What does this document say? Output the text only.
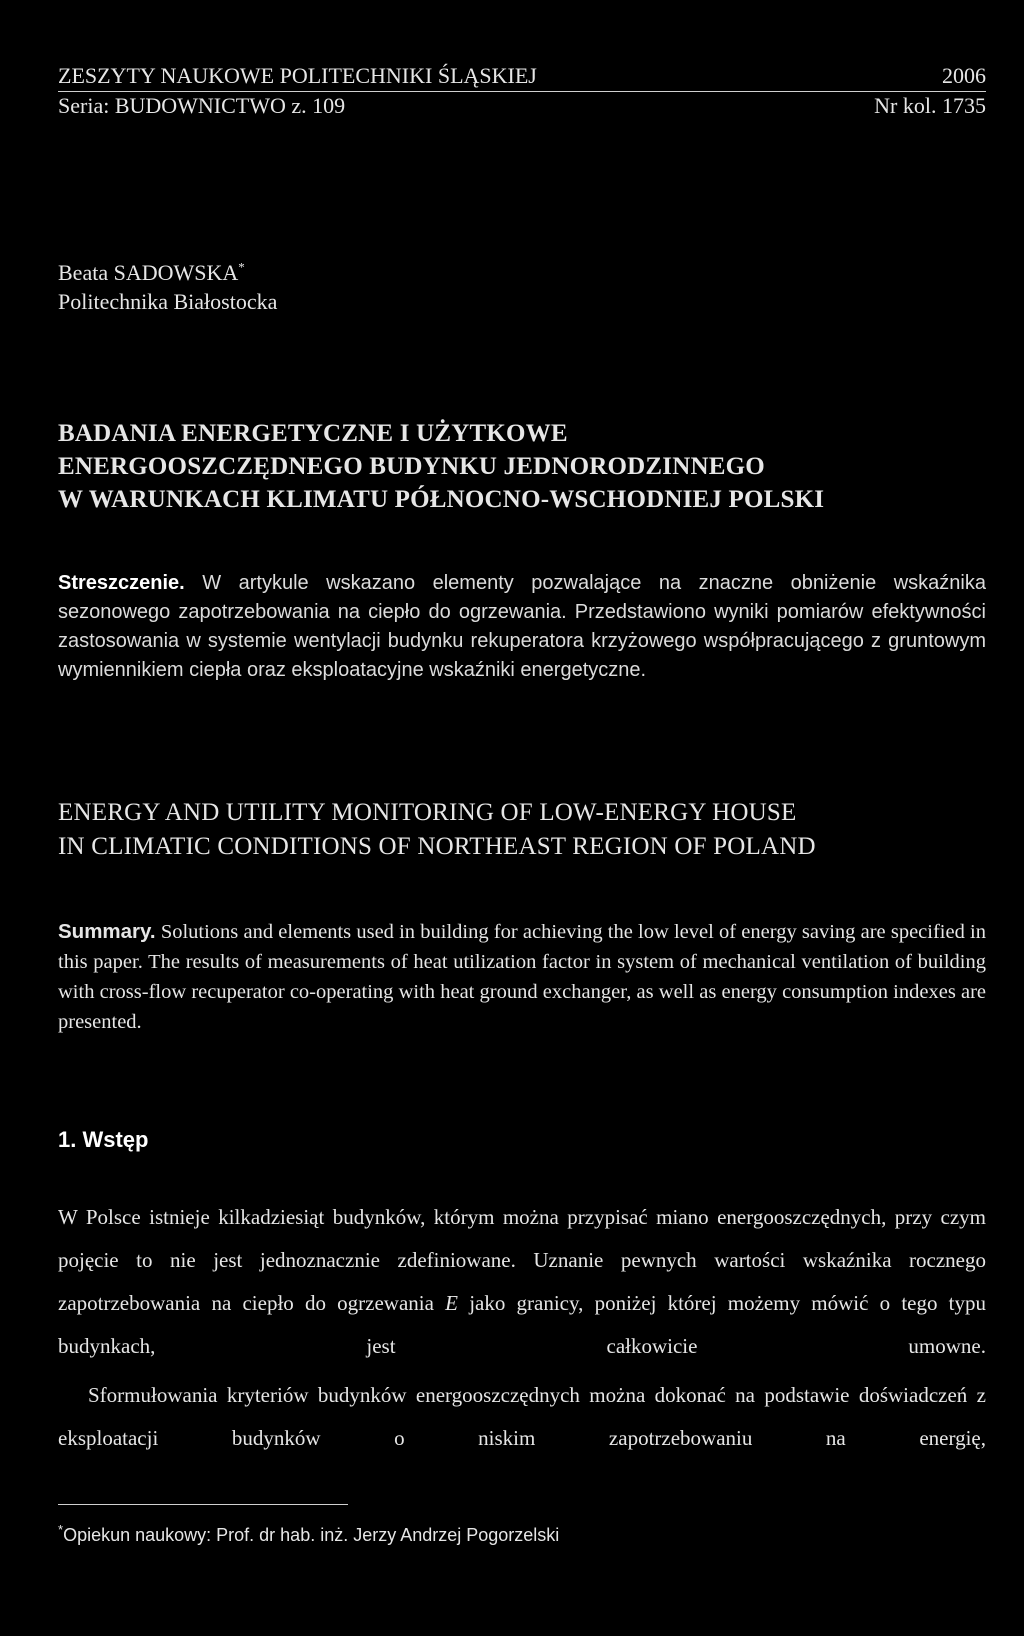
ZESZYTY NAUKOWE POLITECHNIKI ŚLĄSKIEJ	2006
Seria: BUDOWNICTWO z. 109	Nr kol. 1735
Beata SADOWSKA*
Politechnika Białostocka
BADANIA ENERGETYCZNE I UŻYTKOWE
ENERGOOSZCZĘDNEGO BUDYNKU JEDNORODZINNEGO
W WARUNKACH KLIMATU PÓŁNOCNO-WSCHODNIEJ POLSKI
Streszczenie. W artykule wskazano elementy pozwalające na znaczne obniżenie wskaźnika sezonowego zapotrzebowania na ciepło do ogrzewania. Przedstawiono wyniki pomiarów efektywności zastosowania w systemie wentylacji budynku rekuperatora krzyżowego współpracującego z gruntowym wymiennikiem ciepła oraz eksploatacyjne wskaźniki energetyczne.
ENERGY AND UTILITY MONITORING OF LOW-ENERGY HOUSE
IN CLIMATIC CONDITIONS OF NORTHEAST REGION OF POLAND
Summary. Solutions and elements used in building for achieving the low level of energy saving are specified in this paper. The results of measurements of heat utilization factor in system of mechanical ventilation of building with cross-flow recuperator co-operating with heat ground exchanger, as well as energy consumption indexes are presented.
1. Wstęp
W Polsce istnieje kilkadziesiąt budynków, którym można przypisać miano energooszczędnych, przy czym pojęcie to nie jest jednoznacznie zdefiniowane. Uznanie pewnych wartości wskaźnika rocznego zapotrzebowania na ciepło do ogrzewania E jako granicy, poniżej której możemy mówić o tego typu budynkach, jest całkowicie umowne.
Sformułowania kryteriów budynków energooszczędnych można dokonać na podstawie doświadczeń z eksploatacji budynków o niskim zapotrzebowaniu na energię,
*Opiekun naukowy: Prof. dr hab. inż. Jerzy Andrzej Pogorzelski
